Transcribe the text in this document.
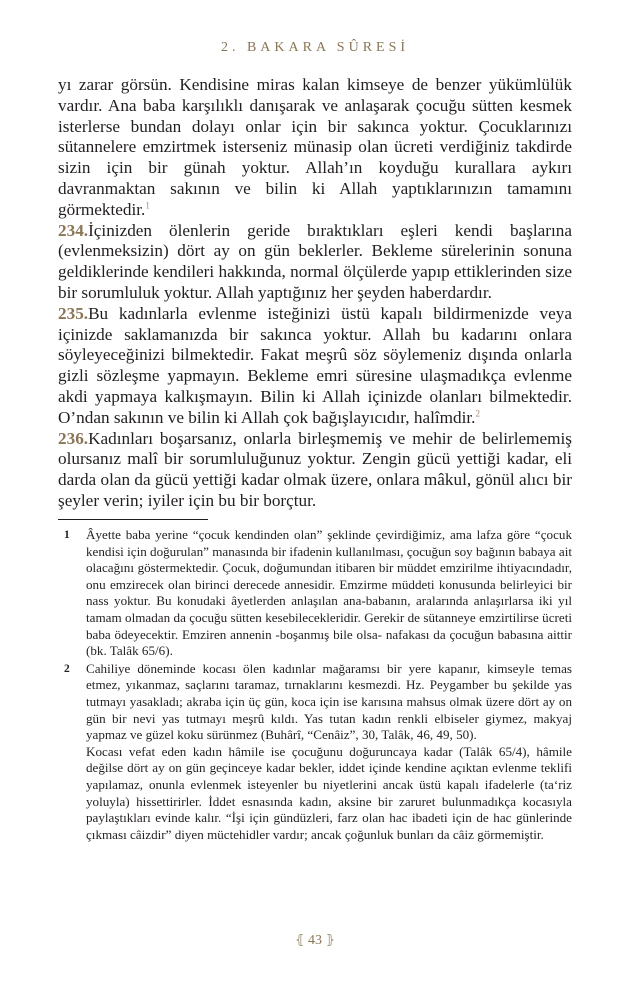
2. BAKARA SÛRESİ

yı zarar görsün. Kendisine miras kalan kimseye de benzer yükümlülük vardır. Ana baba karşılıklı danışarak ve anlaşarak çocuğu sütten kesmek isterlerse bundan dolayı onlar için bir sakınca yoktur. Çocuklarınızı sütannelere emzirtmek isterseniz münasip olan ücreti verdiğiniz takdirde sizin için bir günah yoktur. Allah’ın koyduğu kurallara aykırı davranmaktan sakının ve bilin ki Allah yaptıklarınızın tamamını görmektedir.$^1$

234.İçinizden ölenlerin geride bıraktıkları eşleri kendi başlarına (evlenmeksizin) dört ay on gün beklerler. Bekleme sürelerinin sonuna geldiklerinde kendileri hakkında, normal ölçülerde yapıp ettiklerinden size bir sorumluluk yoktur. Allah yaptığınız her şeyden haberdardır.

235.Bu kadınlarla evlenme isteğinizi üstü kapalı bildirmenizde veya içinizde saklamanızda bir sakınca yoktur. Allah bu kadarını onlara söyleyeceğinizi bilmektedir. Fakat meşrû söz söylemeniz dışında onlarla gizli sözleşme yapmayın. Bekleme emri süresine ulaşmadıkça evlenme akdi yapmaya kalkışmayın. Bilin ki Allah içinizde olanları bilmektedir. O’ndan sakının ve bilin ki Allah çok bağışlayıcıdır, halîmdir.$^2$

236.Kadınları boşarsanız, onlarla birleşmemiş ve mehir de belirlememiş olursanız malî bir sorumluluğunuz yoktur. Zengin gücü yettiği kadar, eli darda olan da gücü yettiği kadar olmak üzere, onlara mâkul, gönül alıcı bir şeyler verin; iyiler için bu bir borçtur.

1 Âyette baba yerine “çocuk kendinden olan” şeklinde çevirdiğimiz, ama lafza göre “çocuk kendisi için doğurulan” manasında bir ifadenin kullanılması, çocuğun soy bağının babaya ait olacağını göstermektedir. Çocuk, doğumundan itibaren bir müddet emzirilme ihtiyacındadır, onu emzirecek olan birinci derecede annesidir. Emzirme müddeti konusunda belirleyici bir nass yoktur. Bu konudaki âyetlerden anlaşılan ana-babanın, aralarında anlaşırlarsa iki yıl tamam olmadan da çocuğu sütten kesebilecekleridir. Gerekir de sütanneye emzirtilirse ücreti baba ödeyecektir. Emziren annenin -boşanmış bile olsa- nafakası da çocuğun babasına aittir (bk. Talâk 65/6).

2 Cahiliye döneminde kocası ölen kadınlar mağaramsı bir yere kapanır, kimseyle temas etmez, yıkanmaz, saçlarını taramaz, tırnaklarını kesmezdi. Hz. Peygamber bu şekilde yas tutmayı yasakladı; akraba için üç gün, koca için ise karısına mahsus olmak üzere dört ay on gün bir nevi yas tutmayı meşrû kıldı. Yas tutan kadın renkli elbiseler giymez, makyaj yapmaz ve güzel koku sürünmez (Buhârî, “Cenâiz”, 30, Talâk, 46, 49, 50).

Kocası vefat eden kadın hâmile ise çocuğunu doğuruncaya kadar (Talâk 65/4), hâmile değilse dört ay on gün geçinceye kadar bekler, iddet içinde kendine açıktan evlenme teklifi yapılamaz, onunla evlenmek isteyenler bu niyetlerini ancak üstü kapalı ifadelerle (ta‘riz yoluyla) hissettirirler. İddet esnasında kadın, aksine bir zaruret bulunmadıkça kocasıyla paylaştıkları evinde kalır. “İşi için gündüzleri, farz olan hac ibadeti için de hac günlerinde çıkması câizdir” diyen müctehidler vardır; ancak çoğunluk bunları da câiz görmemiştir.

⦃ 43 ⦄
